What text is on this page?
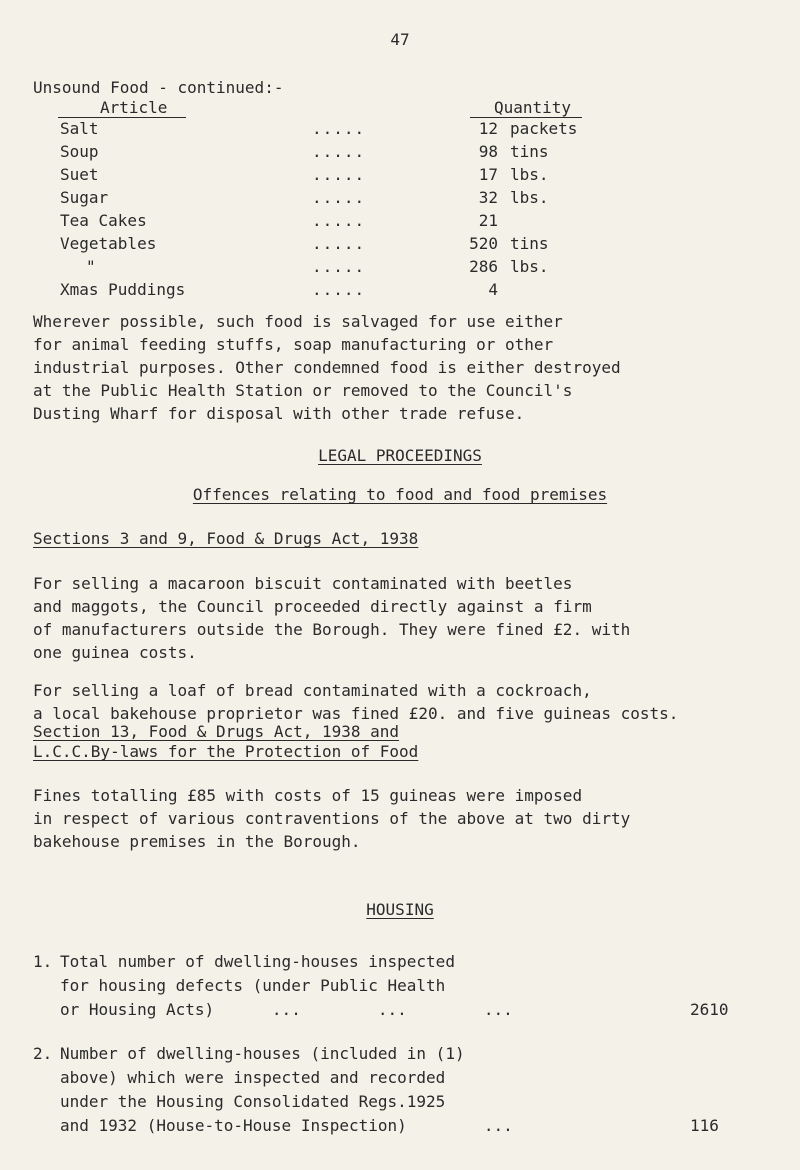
47
Unsound Food - continued:-
Article	Quantity
Salt	.....	12 packets
Soup	.....	98 tins
Suet	.....	17 lbs.
Sugar	.....	32 lbs.
Tea Cakes	.....	21
Vegetables	.....	520 tins
"	.....	286 lbs.
Xmas Puddings	.....	4
Wherever possible, such food is salvaged for use either
for animal feeding stuffs, soap manufacturing or other
industrial purposes. Other condemned food is either destroyed
at the Public Health Station or removed to the Council's
Dusting Wharf for disposal with other trade refuse.
LEGAL PROCEEDINGS
Offences relating to food and food premises
Sections 3 and 9, Food & Drugs Act, 1938
For selling a macaroon biscuit contaminated with beetles
and maggots, the Council proceeded directly against a firm
of manufacturers outside the Borough. They were fined £2. with
one guinea costs.
For selling a loaf of bread contaminated with a cockroach,
a local bakehouse proprietor was fined £20. and five guineas costs.
Section 13, Food & Drugs Act, 1938 and
L.C.C.By-laws for the Protection of Food
Fines totalling £85 with costs of 15 guineas were imposed
in respect of various contraventions of the above at two dirty
bakehouse premises in the Borough.
HOUSING
1. Total number of dwelling-houses inspected
for housing defects (under Public Health
or Housing Acts)      ...        ...        ...	2610
2. Number of dwelling-houses (included in (1)
above) which were inspected and recorded
under the Housing Consolidated Regs.1925
and 1932 (House-to-House Inspection)        ...	116
